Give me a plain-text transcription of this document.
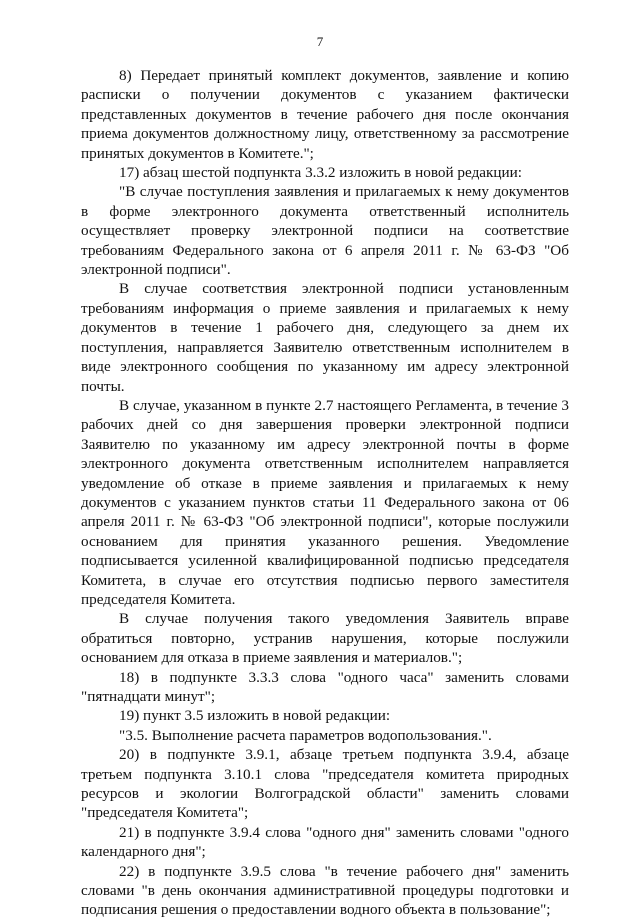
7

8) Передает принятый комплект документов, заявление и копию расписки о получении документов с указанием фактически представленных документов в течение рабочего дня после окончания приема документов должностному лицу, ответственному за рассмотрение принятых документов в Комитете.";

17) абзац шестой подпункта 3.3.2 изложить в новой редакции:

"В случае поступления заявления и прилагаемых к нему документов в форме электронного документа ответственный исполнитель осуществляет проверку электронной подписи на соответствие требованиям Федерального закона от 6 апреля 2011 г. № 63-ФЗ "Об электронной подписи".

В случае соответствия электронной подписи установленным требованиям информация о приеме заявления и прилагаемых к нему документов в течение 1 рабочего дня, следующего за днем их поступления, направляется Заявителю ответственным исполнителем в виде электронного сообщения по указанному им адресу электронной почты.

В случае, указанном в пункте 2.7 настоящего Регламента, в течение 3 рабочих дней со дня завершения проверки электронной подписи Заявителю по указанному им адресу электронной почты в форме электронного документа ответственным исполнителем направляется уведомление об отказе в приеме заявления и прилагаемых к нему документов с указанием пунктов статьи 11 Федерального закона от 06 апреля 2011 г. № 63-ФЗ "Об электронной подписи", которые послужили основанием для принятия указанного решения. Уведомление подписывается усиленной квалифицированной подписью председателя Комитета, в случае его отсутствия подписью первого заместителя председателя Комитета.

В случае получения такого уведомления Заявитель вправе обратиться повторно, устранив нарушения, которые послужили основанием для отказа в приеме заявления и материалов.";

18) в подпункте 3.3.3 слова "одного часа" заменить словами "пятнадцати минут";

19) пункт 3.5 изложить в новой редакции:

"3.5. Выполнение расчета параметров водопользования.".

20) в подпункте 3.9.1, абзаце третьем подпункта 3.9.4, абзаце третьем подпункта 3.10.1 слова "председателя комитета природных ресурсов и экологии Волгоградской области" заменить словами "председателя Комитета";

21) в подпункте 3.9.4 слова "одного дня" заменить словами "одного календарного дня";

22) в подпункте 3.9.5 слова "в течение рабочего дня" заменить словами "в день окончания административной процедуры подготовки и подписания решения о предоставлении водного объекта в пользование";
